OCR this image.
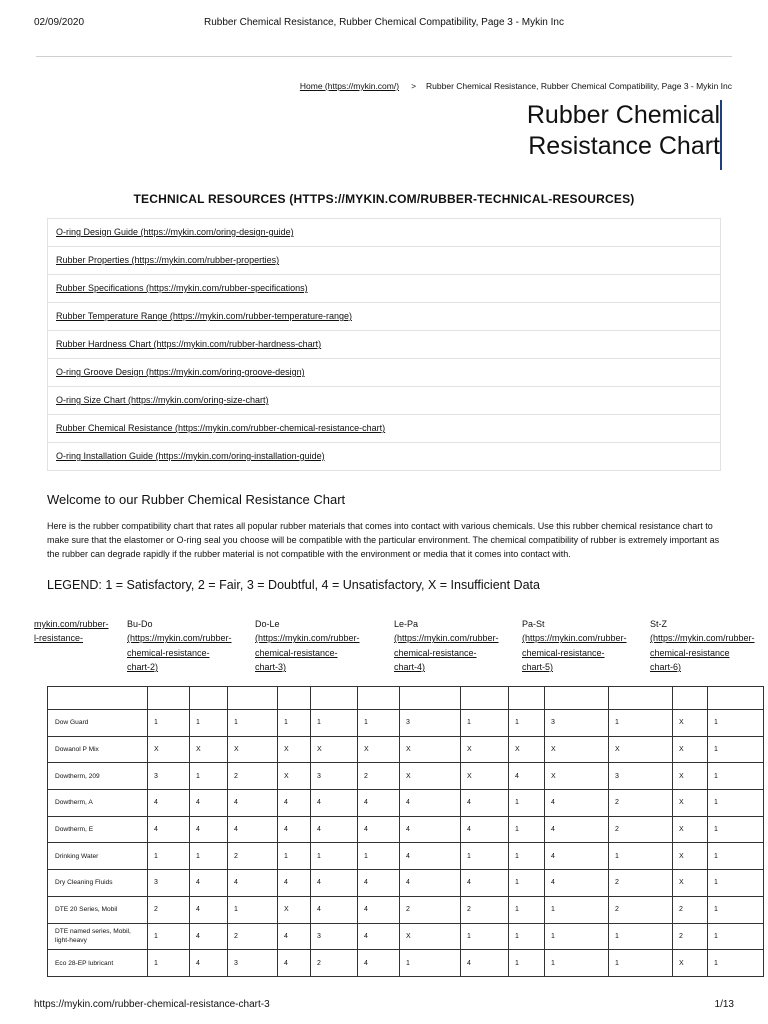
02/09/2020	Rubber Chemical Resistance, Rubber Chemical Compatibility, Page 3 - Mykin Inc
Home (https://mykin.com/) > Rubber Chemical Resistance, Rubber Chemical Compatibility, Page 3 - Mykin Inc
Rubber Chemical
Resistance Chart
TECHNICAL RESOURCES (HTTPS://MYKIN.COM/RUBBER-TECHNICAL-RESOURCES)
O-ring Design Guide (https://mykin.com/oring-design-guide)
Rubber Properties (https://mykin.com/rubber-properties)
Rubber Specifications (https://mykin.com/rubber-specifications)
Rubber Temperature Range (https://mykin.com/rubber-temperature-range)
Rubber Hardness Chart (https://mykin.com/rubber-hardness-chart)
O-ring Groove Design (https://mykin.com/oring-groove-design)
O-ring Size Chart (https://mykin.com/oring-size-chart)
Rubber Chemical Resistance (https://mykin.com/rubber-chemical-resistance-chart)
O-ring Installation Guide (https://mykin.com/oring-installation-guide)
Welcome to our Rubber Chemical Resistance Chart

Here is the rubber compatibility chart that rates all popular rubber materials that comes into contact with various chemicals. Use this rubber chemical resistance chart to make sure that the elastomer or O-ring seal you choose will be compatible with the particular environment. The chemical compatibility of rubber is extremely important as the rubber can degrade rapidly if the rubber material is not compatible with the environment or media that it comes into contact with.

LEGEND: 1 = Satisfactory, 2 = Fair, 3 = Doubtful, 4 = Unsatisfactory, X = Insufficient Data

mykin.com/rubber-
l-resistance-

Bu-Do
(https://mykin.com/rubber-
chemical-resistance-
chart-2)
Do-Le
(https://mykin.com/rubber-
chemical-resistance-
chart-3)
Le-Pa
(https://mykin.com/rubber-
chemical-resistance-
chart-4)
Pa-St
(https://mykin.com/rubber-
chemical-resistance-
chart-5)
St-Z
(https://mykin.com/rubber-
chemical-resistance
chart-6)

Dow Guard	1	1	1	1	1	1	3	1	1	3	1	X	1
Dowanol P Mix	X	X	X	X	X	X	X	X	X	X	X	X	1
Dowtherm, 209	3	1	2	X	3	2	X	X	4	X	3	X	1
Dowtherm, A	4	4	4	4	4	4	4	4	1	4	2	X	1
Dowtherm, E	4	4	4	4	4	4	4	4	1	4	2	X	1
Drinking Water	1	1	2	1	1	1	4	1	1	4	1	X	1
Dry Cleaning Fluids	3	4	4	4	4	4	4	4	1	4	2	X	1
DTE 20 Series, Mobil	2	4	1	X	4	4	2	2	1	1	2	2	1
DTE named series, Mobil, light-heavy	1	4	2	4	3	4	X	1	1	1	1	2	1
Eco 28-EP lubricant	1	4	3	4	2	4	1	4	1	1	1	X	1
https://mykin.com/rubber-chemical-resistance-chart-3	1/13
